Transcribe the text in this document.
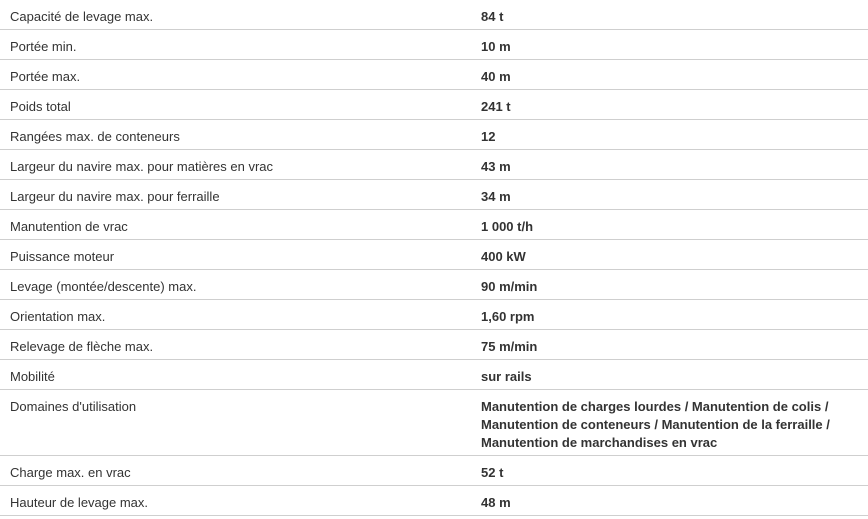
Capacité de levage max.	84 t

Portée min.	10 m

Portée max.	40 m

Poids total	241 t

Rangées max. de conteneurs	12

Largeur du navire max. pour matières en vrac	43 m

Largeur du navire max. pour ferraille	34 m

Manutention de vrac	1 000 t/h

Puissance moteur	400 kW

Levage (montée/descente) max.	90 m/min

Orientation max.	1,60 rpm

Relevage de flèche max.	75 m/min

Mobilité	sur rails

Domaines d'utilisation	Manutention de charges lourdes / Manutention de colis /
Manutention de conteneurs / Manutention de la ferraille /
Manutention de marchandises en vrac

Charge max. en vrac	52 t

Hauteur de levage max.	48 m
